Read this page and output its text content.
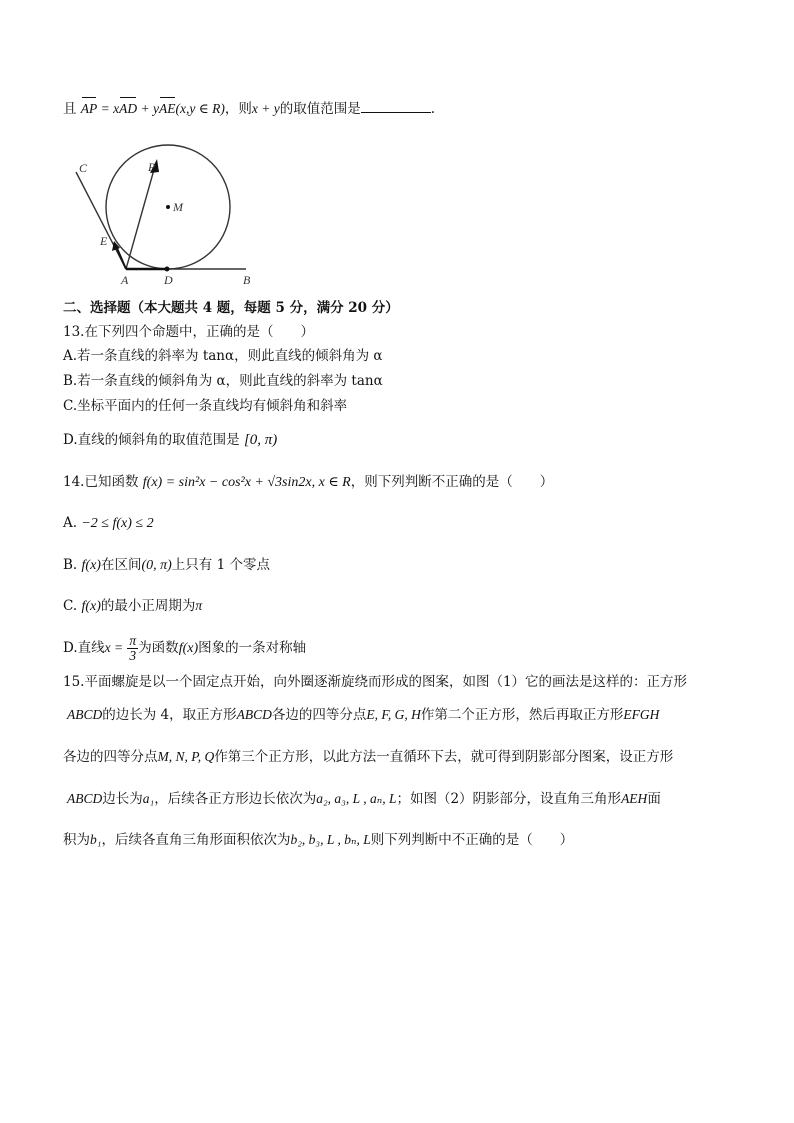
且 AP = xAD + yAE(x,y ∈ R)，则x + y的取值范围是	.
C	P
M
E
A	D	B
二、选择题（本大题共 4 题，每题 5 分，满分 20 分）
13.在下列四个命题中，正确的是（　　）
A.若一条直线的斜率为 tanα，则此直线的倾斜角为 α
B.若一条直线的倾斜角为 α，则此直线的斜率为 tanα
C.坐标平面内的任何一条直线均有倾斜角和斜率
D.直线的倾斜角的取值范围是 [0, π)
14.已知函数 f(x) = sin²x − cos²x + √3sin2x, x ∈ R，则下列判断不正确的是（　　）
A. −2 ≤ f(x) ≤ 2
B. f(x)在区间(0, π)上只有 1 个零点
C. f(x)的最小正周期为π
D.直线$x = \frac{\pi}{3}$ 为函数f(x)图象的一条对称轴
15.平面螺旋是以一个固定点开始，向外圈逐渐旋绕而形成的图案，如图（1）它的画法是这样的：正方形
ABCD的边长为 4，取正方形ABCD各边的四等分点E, F, G, H作第二个正方形，然后再取正方形EFGH
各边的四等分点M, N, P, Q作第三个正方形，以此方法一直循环下去，就可得到阴影部分图案，设正方形
ABCD边长为a₁，后续各正方形边长依次为a₂, a₃, L , aₙ, L；如图（2）阴影部分，设直角三角形AEH面
积为b₁，后续各直角三角形面积依次为b₂, b₃, L , bₙ, L则下列判断中不正确的是（　　）
